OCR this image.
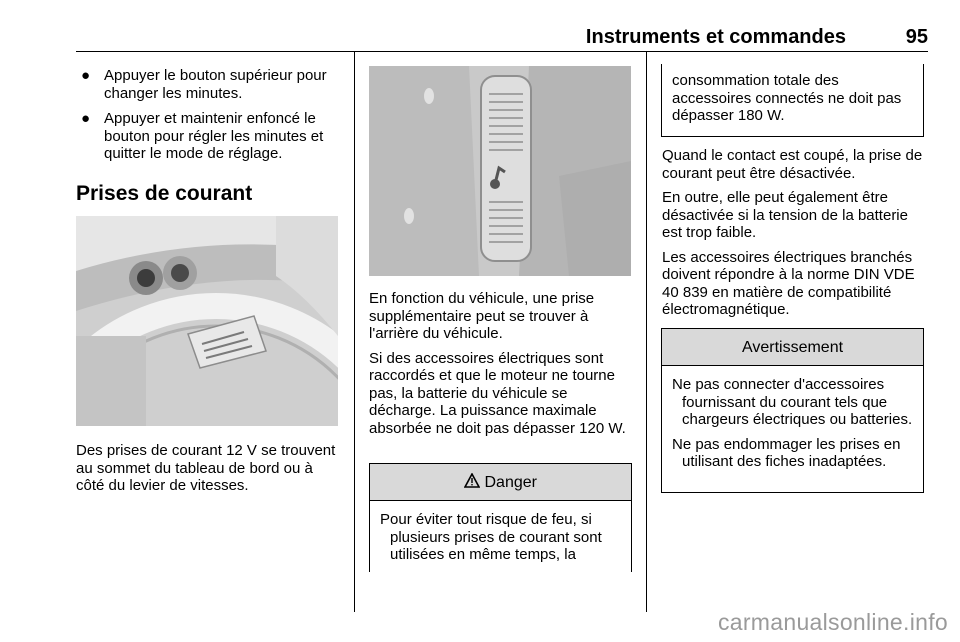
Instruments et commandes	95
● Appuyer le bouton supérieur pour changer les minutes.
● Appuyer et maintenir enfoncé le bouton pour régler les minutes et quitter le mode de réglage.
Prises de courant

Des prises de courant 12 V se trouvent au sommet du tableau de bord ou à côté du levier de vitesses.

En fonction du véhicule, une prise supplémentaire peut se trouver à l'arrière du véhicule.

Si des accessoires électriques sont raccordés et que le moteur ne tourne pas, la batterie du véhicule se décharge. La puissance maximale absorbée ne doit pas dépasser 120 W.

Danger
Pour éviter tout risque de feu, si plusieurs prises de courant sont utilisées en même temps, la
consommation totale des accessoires connectés ne doit pas dépasser 180 W.

Quand le contact est coupé, la prise de courant peut être désactivée.

En outre, elle peut également être désactivée si la tension de la batterie est trop faible.

Les accessoires électriques branchés doivent répondre à la norme DIN VDE 40 839 en matière de compatibilité électromagnétique.

Avertissement

Ne pas connecter d'accessoires fournissant du courant tels que chargeurs électriques ou batteries.

Ne pas endommager les prises en utilisant des fiches inadaptées.

carmanualsonline.info
